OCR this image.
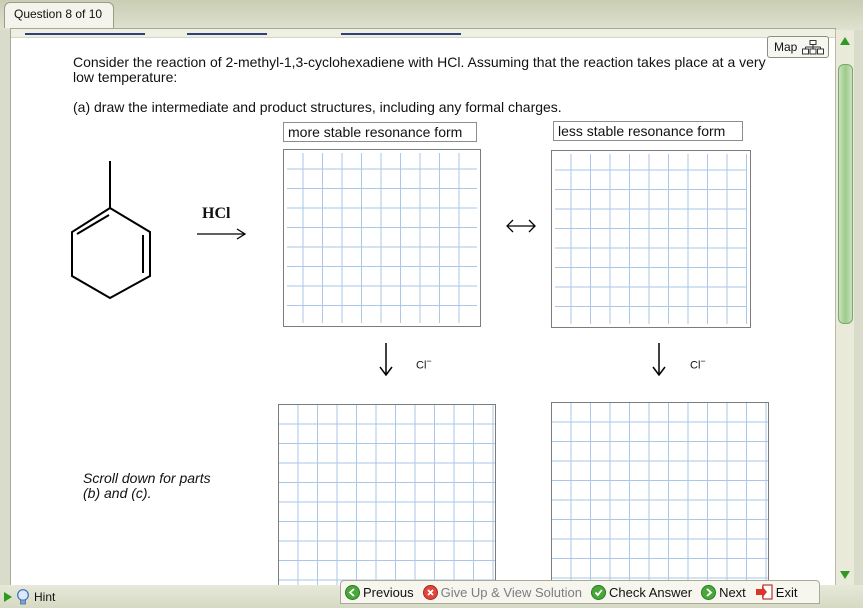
Question 8 of 10
Map
Consider the reaction of 2-methyl-1,3-cyclohexadiene with HCl. Assuming that the reaction takes place at a very low temperature:
(a) draw the intermediate and product structures, including any formal charges.
more stable resonance form	less stable resonance form
HCl
Cl−	Cl−
Scroll down for parts (b) and (c).
Hint	Previous Give Up & View Solution Check Answer Next Exit
